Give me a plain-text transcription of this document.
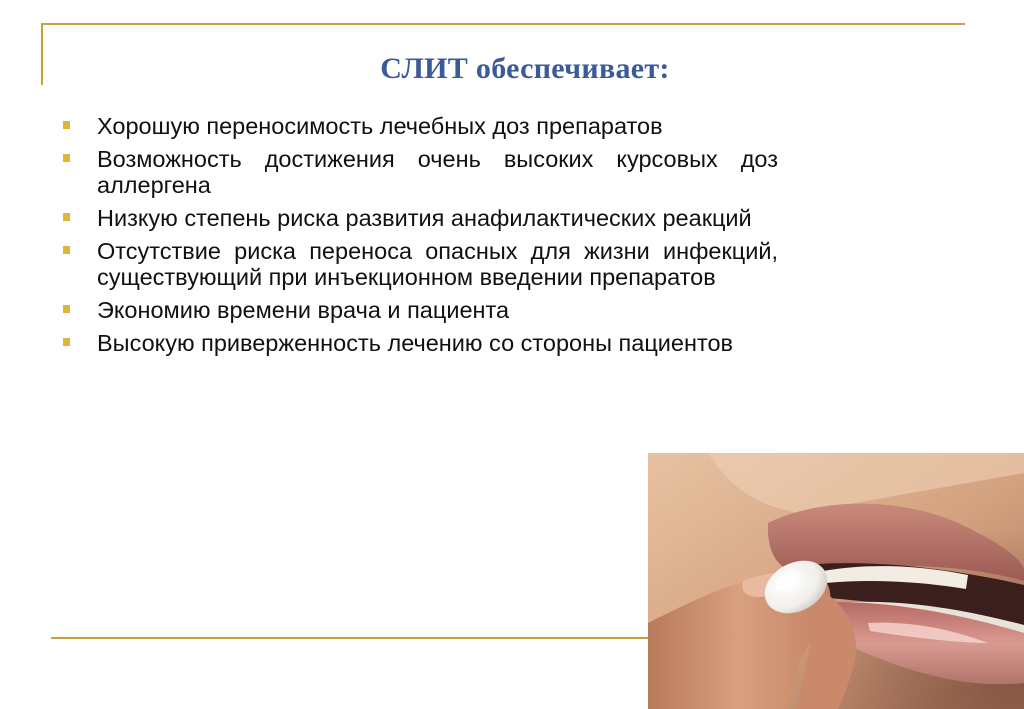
СЛИТ обеспечивает:
Хорошую переносимость лечебных доз препаратов
Возможность достижения очень высоких курсовых доз аллергена
Низкую степень риска развития анафилактических реакций
Отсутствие риска переноса опасных для жизни инфекций, существующий при инъекционном введении препаратов
Экономию времени врача и пациента
Высокую приверженность лечению со стороны пациентов
